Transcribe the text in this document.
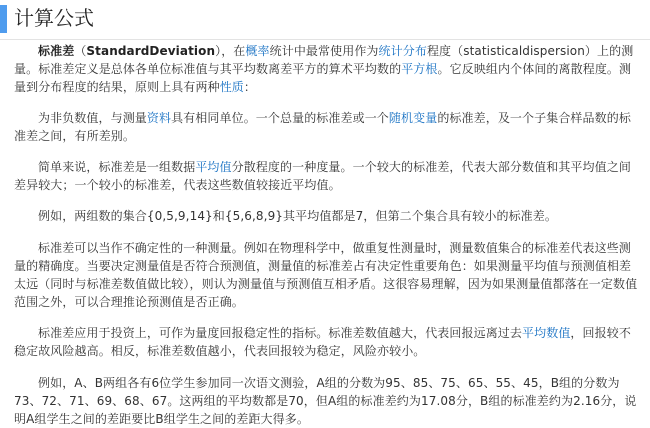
计算公式

标准差（StandardDeviation），在概率统计中最常使用作为统计分布程度（statisticaldispersion）上的测量。标准差定义是总体各单位标准值与其平均数离差平方的算术平均数的平方根。它反映组内个体间的离散程度。测量到分布程度的结果，原则上具有两种性质：

为非负数值，与测量资料具有相同单位。一个总量的标准差或一个随机变量的标准差，及一个子集合样品数的标准差之间，有所差别。

简单来说，标准差是一组数据平均值分散程度的一种度量。一个较大的标准差，代表大部分数值和其平均值之间差异较大；一个较小的标准差，代表这些数值较接近平均值。

例如，两组数的集合{0,5,9,14}和{5,6,8,9}其平均值都是7，但第二个集合具有较小的标准差。

标准差可以当作不确定性的一种测量。例如在物理科学中，做重复性测量时，测量数值集合的标准差代表这些测量的精确度。当要决定测量值是否符合预测值，测量值的标准差占有决定性重要角色：如果测量平均值与预测值相差太远（同时与标准差数值做比较），则认为测量值与预测值互相矛盾。这很容易理解，因为如果测量值都落在一定数值范围之外，可以合理推论预测值是否正确。

标准差应用于投资上，可作为量度回报稳定性的指标。标准差数值越大，代表回报远离过去平均数值，回报较不稳定故风险越高。相反，标准差数值越小，代表回报较为稳定，风险亦较小。

例如，A、B两组各有6位学生参加同一次语文测验，A组的分数为95、85、75、65、55、45，B组的分数为73、72、71、69、68、67。这两组的平均数都是70，但A组的标准差约为17.08分，B组的标准差约为2.16分，说明A组学生之间的差距要比B组学生之间的差距大得多。
